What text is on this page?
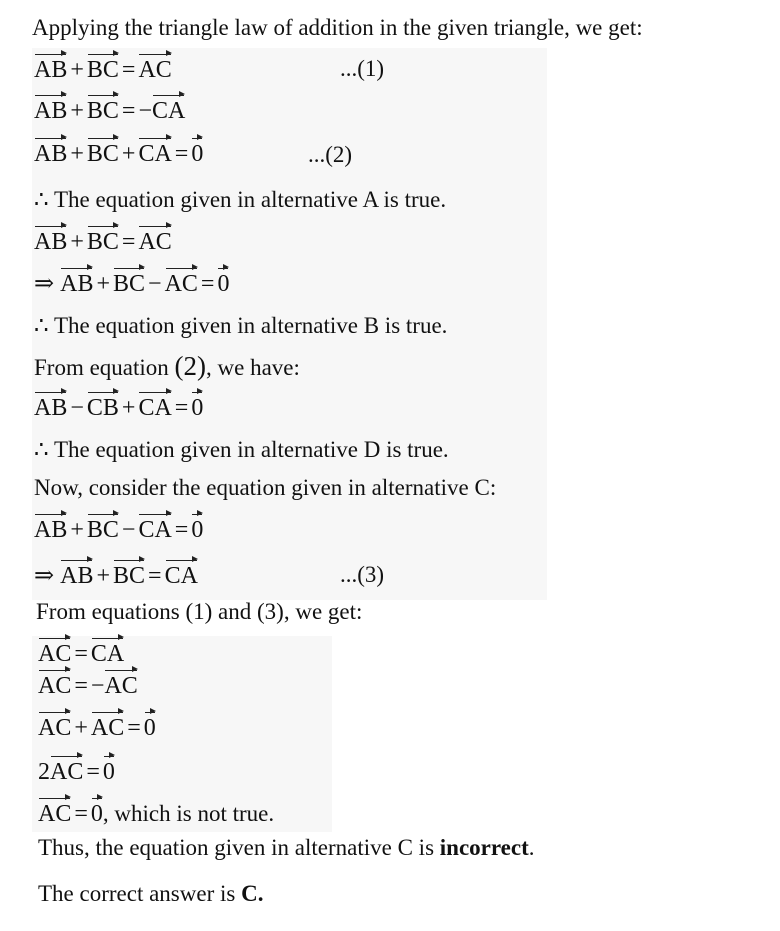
Applying the triangle law of addition in the given triangle, we get:
AB + BC = AC	...(1)
AB + BC = −CA
AB + BC + CA = 0	...(2)
∴ The equation given in alternative A is true.
AB + BC = AC
⇒ AB + BC − AC = 0
∴ The equation given in alternative B is true.
From equation (2), we have:
AB − CB + CA = 0
∴ The equation given in alternative D is true.
Now, consider the equation given in alternative C:
AB + BC − CA = 0
⇒ AB + BC = CA	...(3)
From equations (1) and (3), we get:
AC = CA
AC = −AC
AC + AC = 0
2AC = 0
AC = 0, which is not true.
Thus, the equation given in alternative C is incorrect.
The correct answer is C.
